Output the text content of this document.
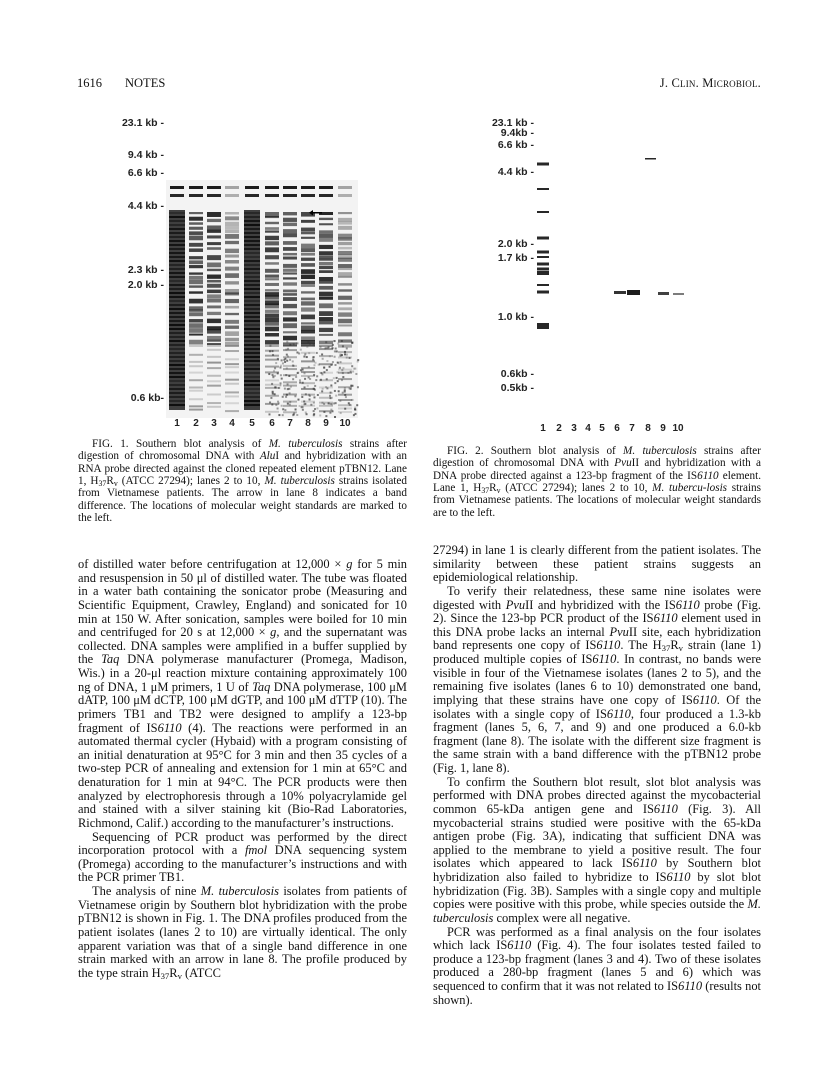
1616 NOTES	J. Clin. Microbiol.
23.1 kb -
9.4 kb -
6.6 kb -
4.4 kb -
2.3 kb -
2.0 kb -
0.6 kb-
1 2 3 4 5 6 7 8 9 10

FIG. 1. Southern blot analysis of M. tuberculosis strains after digestion of chromosomal DNA with AluI and hybridization with an RNA probe directed against the cloned repeated element pTBN12. Lane 1, $H_{37}R_v$ (ATCC 27294); lanes 2 to 10, M. tuberculosis strains isolated from Vietnamese patients. The arrow in lane 8 indicates a band difference. The locations of molecular weight standards are marked to the left.

23.1 kb -
9.4kb -
6.6 kb -
4.4 kb -
2.0 kb -
1.7 kb -
1.0 kb -
0.6kb -
0.5kb -
1 2 3 4 5 6 7 8 9 10

FIG. 2. Southern blot analysis of M. tuberculosis strains after digestion of chromosomal DNA with PvuII and hybridization with a DNA probe directed against a 123-bp fragment of the IS6110 element. Lane 1, $H_{37}R_v$ (ATCC 27294); lanes 2 to 10, M. tubercu-losis strains from Vietnamese patients. The locations of molecular weight standards are to the left.

of distilled water before centrifugation at 12,000 × g for 5 min and resuspension in 50 μl of distilled water. The tube was floated in a water bath containing the sonicator probe (Measuring and Scientific Equipment, Crawley, England) and sonicated for 10 min at 150 W. After sonication, samples were boiled for 10 min and centrifuged for 20 s at 12,000 × g, and the supernatant was collected. DNA samples were amplified in a buffer supplied by the Taq DNA polymerase manufacturer (Promega, Madison, Wis.) in a 20-μl reaction mixture containing approximately 100 ng of DNA, 1 μM primers, 1 U of Taq DNA polymerase, 100 μM dATP, 100 μM dCTP, 100 μM dGTP, and 100 μM dTTP (10). The primers TB1 and TB2 were designed to amplify a 123-bp fragment of IS6110 (4). The reactions were performed in an automated thermal cycler (Hybaid) with a program consisting of an initial denaturation at 95°C for 3 min and then 35 cycles of a two-step PCR of annealing and extension for 1 min at 65°C and denaturation for 1 min at 94°C. The PCR products were then analyzed by electrophoresis through a 10% polyacrylamide gel and stained with a silver staining kit (Bio-Rad Laboratories, Richmond, Calif.) according to the manufacturer’s instructions.

Sequencing of PCR product was performed by the direct incorporation protocol with a fmol DNA sequencing system (Promega) according to the manufacturer’s instructions and with the PCR primer TB1.

The analysis of nine M. tuberculosis isolates from patients of Vietnamese origin by Southern blot hybridization with the probe pTBN12 is shown in Fig. 1. The DNA profiles produced from the patient isolates (lanes 2 to 10) are virtually identical. The only apparent variation was that of a single band difference in one strain marked with an arrow in lane 8. The profile produced by the type strain $H_{37}R_v$ (ATCC

27294) in lane 1 is clearly different from the patient isolates. The similarity between these patient strains suggests an epidemiological relationship.

To verify their relatedness, these same nine isolates were digested with PvuII and hybridized with the IS6110 probe (Fig. 2). Since the 123-bp PCR product of the IS6110 element used in this DNA probe lacks an internal PvuII site, each hybridization band represents one copy of IS6110. The $H_{37}R_v$ strain (lane 1) produced multiple copies of IS6110. In contrast, no bands were visible in four of the Vietnamese isolates (lanes 2 to 5), and the remaining five isolates (lanes 6 to 10) demonstrated one band, implying that these strains have one copy of IS6110. Of the isolates with a single copy of IS6110, four produced a 1.3-kb fragment (lanes 5, 6, 7, and 9) and one produced a 6.0-kb fragment (lane 8). The isolate with the different size fragment is the same strain with a band difference with the pTBN12 probe (Fig. 1, lane 8).

To confirm the Southern blot result, slot blot analysis was performed with DNA probes directed against the mycobacterial common 65-kDa antigen gene and IS6110 (Fig. 3). All mycobacterial strains studied were positive with the 65-kDa antigen probe (Fig. 3A), indicating that sufficient DNA was applied to the membrane to yield a positive result. The four isolates which appeared to lack IS6110 by Southern blot hybridization also failed to hybridize to IS6110 by slot blot hybridization (Fig. 3B). Samples with a single copy and multiple copies were positive with this probe, while species outside the M. tuberculosis complex were all negative.

PCR was performed as a final analysis on the four isolates which lack IS6110 (Fig. 4). The four isolates tested failed to produce a 123-bp fragment (lanes 3 and 4). Two of these isolates produced a 280-bp fragment (lanes 5 and 6) which was sequenced to confirm that it was not related to IS6110 (results not shown).
